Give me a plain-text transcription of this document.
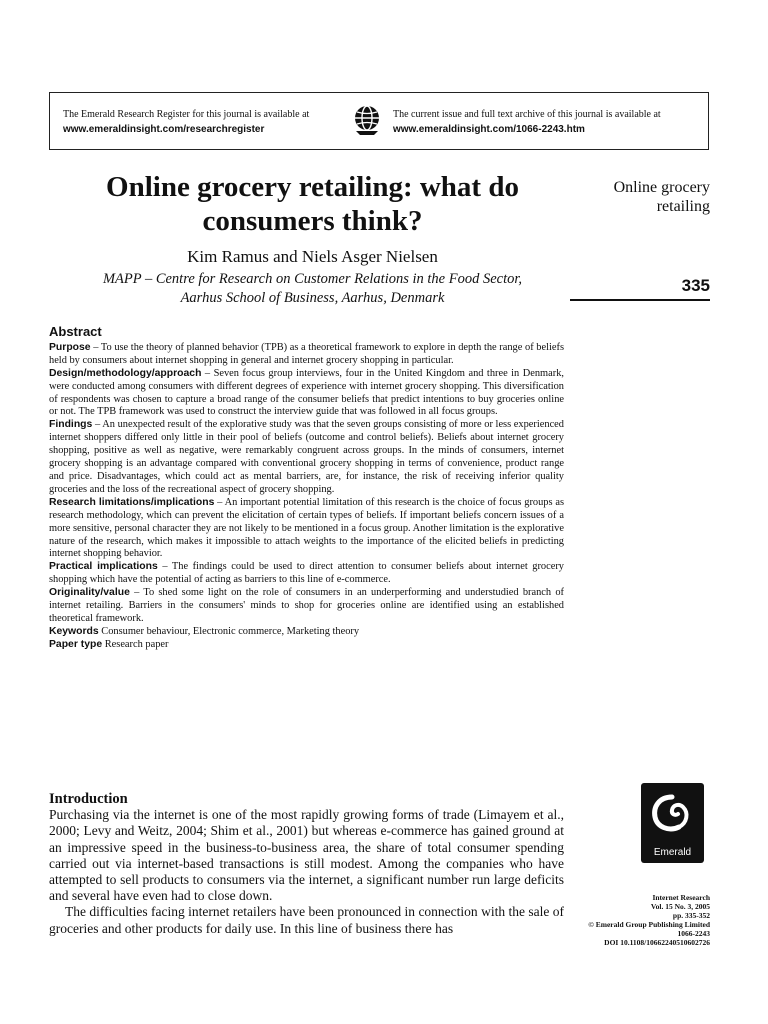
The Emerald Research Register for this journal is available at
www.emeraldinsight.com/researchregister
The current issue and full text archive of this journal is available at
www.emeraldinsight.com/1066-2243.htm
Online grocery retailing: what do consumers think?
Kim Ramus and Niels Asger Nielsen
MAPP – Centre for Research on Customer Relations in the Food Sector,
Aarhus School of Business, Aarhus, Denmark
Online grocery
retailing
335
Abstract

Purpose – To use the theory of planned behavior (TPB) as a theoretical framework to explore in depth the range of beliefs held by consumers about internet shopping in general and internet grocery shopping in particular.

Design/methodology/approach – Seven focus group interviews, four in the United Kingdom and three in Denmark, were conducted among consumers with different degrees of experience with internet grocery shopping. This diversification of respondents was chosen to capture a broad range of the consumer beliefs that predict intentions to buy groceries online or not. The TPB framework was used to construct the interview guide that was followed in all focus groups.

Findings – An unexpected result of the explorative study was that the seven groups consisting of more or less experienced internet shoppers differed only little in their pool of beliefs (outcome and control beliefs). Beliefs about internet grocery shopping, positive as well as negative, were remarkably congruent across groups. In the minds of consumers, internet grocery shopping is an advantage compared with conventional grocery shopping in terms of convenience, product range and price. Disadvantages, which could act as mental barriers, are, for instance, the risk of receiving inferior quality groceries and the loss of the recreational aspect of grocery shopping.

Research limitations/implications – An important potential limitation of this research is the choice of focus groups as research methodology, which can prevent the elicitation of certain types of beliefs. If important beliefs concern issues of a more sensitive, personal character they are not likely to be mentioned in a focus group. Another limitation is the explorative nature of the research, which makes it impossible to attach weights to the importance of the elicited beliefs in predicting internet shopping behavior.

Practical implications – The findings could be used to direct attention to consumer beliefs about internet grocery shopping which have the potential of acting as barriers to this line of e-commerce.

Originality/value – To shed some light on the role of consumers in an underperforming and understudied branch of internet retailing. Barriers in the consumers' minds to shop for groceries online are identified using an established theoretical framework.

Keywords Consumer behaviour, Electronic commerce, Marketing theory

Paper type Research paper

Introduction

Purchasing via the internet is one of the most rapidly growing forms of trade (Limayem et al., 2000; Levy and Weitz, 2004; Shim et al., 2001) but whereas e-commerce has gained ground at an impressive speed in the business-to-business area, the share of total consumer spending carried out via internet-based transactions is still modest. Among the companies who have attempted to sell products to consumers via the internet, a significant number run large deficits and several have even had to close down.

The difficulties facing internet retailers have been pronounced in connection with the sale of groceries and other products for daily use. In this line of business there has

Emerald
Internet Research
Vol. 15 No. 3, 2005
pp. 335-352
© Emerald Group Publishing Limited
1066-2243
DOI 10.1108/10662240510602726
